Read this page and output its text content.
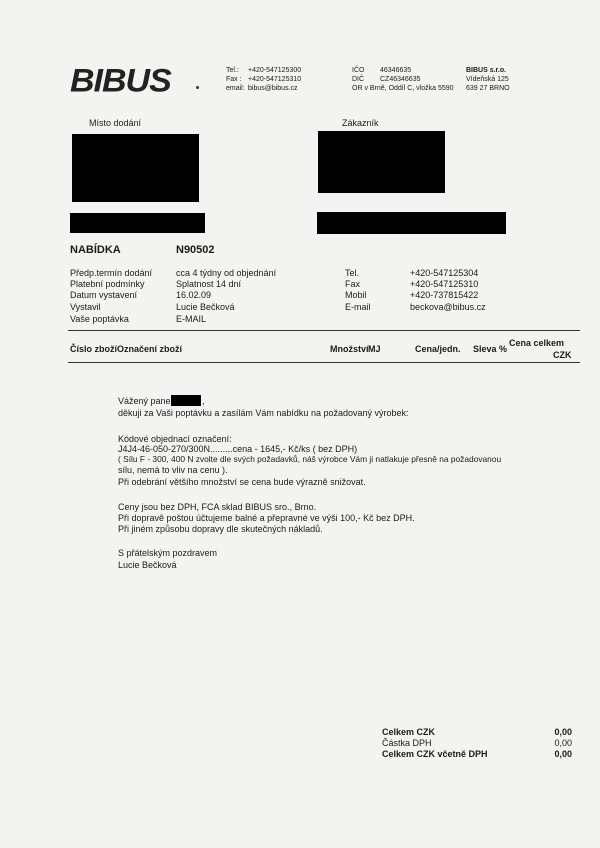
BIBUS	Tel.: +420-547125300
Fax : +420-547125310
email: bibus@bibus.cz
IČO 46346635
DIČ CZ46346635
OR v Brně, Oddíl C, vložka 5590
BIBUS s.r.o.
Vídeňská 125
639 27 BRNO
Místo dodání	Zákazník
NABÍDKA	N90502
Předp.termín dodání	cca 4 týdny od objednání
Platební podmínky	Splatnost 14 dní
Datum vystavení	16.02.09
Vystavil	Lucie Bečková
Vaše poptávka	E-MAIL
Tel.	+420-547125304
Fax	+420-547125310
Mobil	+420-737815422
E-mail	beckova@bibus.cz
Číslo zboží Označení zboží	Množství MJ	Cena/jedn. Sleva %
Cena celkem
CZK
Vážený pane	,
děkuji za Vaši poptávku a zasílám Vám nabídku na požadovaný výrobek:
Kódové objednací označení:
J4J4-46-050-270/300N.........cena - 1645,- Kč/ks ( bez DPH)
( Sílu F - 300, 400 N zvolte dle svých požadavků, náš výrobce Vám ji natlakuje přesně na požadovanou
sílu, nemá to vliv na cenu ).
Při odebrání většího množství se cena bude výrazně snižovat.
Ceny jsou bez DPH, FCA sklad BIBUS sro., Brno.
Při dopravě poštou účtujeme balné a přepravné ve výši 100,- Kč bez DPH.
Při jiném způsobu dopravy dle skutečných nákladů.
S přátelským pozdravem
Lucie Bečková
Celkem CZK	0,00
Částka DPH	0,00
Celkem CZK včetně DPH	0,00
